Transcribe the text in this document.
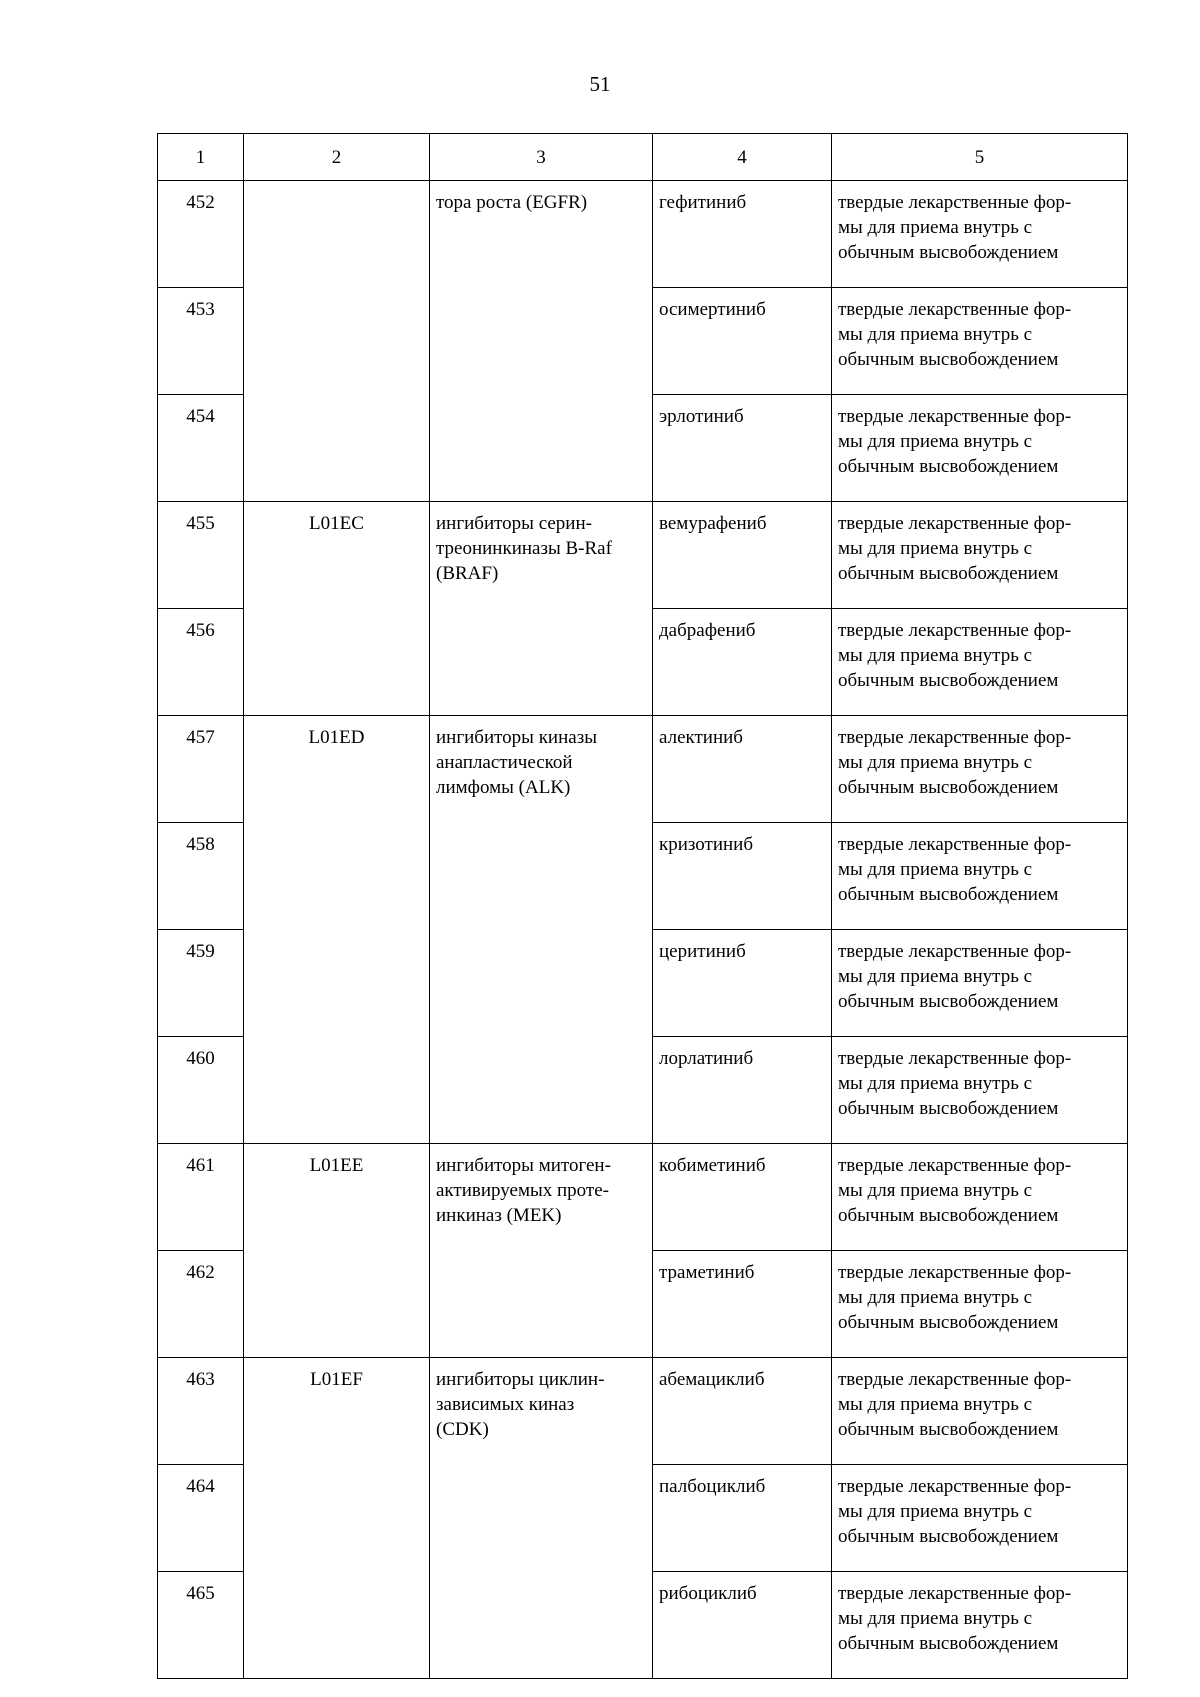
51
1	2	3	4	5
452		тора роста (EGFR)	гефитиниб	твердые лекарственные фор-
мы для приема внутрь с
обычным высвобождением
453			осимертиниб	твердые лекарственные фор-
мы для приема внутрь с
обычным высвобождением
454			эрлотиниб	твердые лекарственные фор-
мы для приема внутрь с
обычным высвобождением
455	L01EC	ингибиторы серин-
треонинкиназы B-Raf
(BRAF)	вемурафениб	твердые лекарственные фор-
мы для приема внутрь с
обычным высвобождением
456			дабрафениб	твердые лекарственные фор-
мы для приема внутрь с
обычным высвобождением
457	L01ED	ингибиторы киназы
анапластической
лимфомы (ALK)	алектиниб	твердые лекарственные фор-
мы для приема внутрь с
обычным высвобождением
458			кризотиниб	твердые лекарственные фор-
мы для приема внутрь с
обычным высвобождением
459			церитиниб	твердые лекарственные фор-
мы для приема внутрь с
обычным высвобождением
460			лорлатиниб	твердые лекарственные фор-
мы для приема внутрь с
обычным высвобождением
461	L01EE	ингибиторы митоген-
активируемых проте-
инкиназ (MEK)	кобиметиниб	твердые лекарственные фор-
мы для приема внутрь с
обычным высвобождением
462			траметиниб	твердые лекарственные фор-
мы для приема внутрь с
обычным высвобождением
463	L01EF	ингибиторы циклин-
зависимых киназ
(CDK)	абемациклиб	твердые лекарственные фор-
мы для приема внутрь с
обычным высвобождением
464			палбоциклиб	твердые лекарственные фор-
мы для приема внутрь с
обычным высвобождением
465			рибоциклиб	твердые лекарственные фор-
мы для приема внутрь с
обычным высвобождением
